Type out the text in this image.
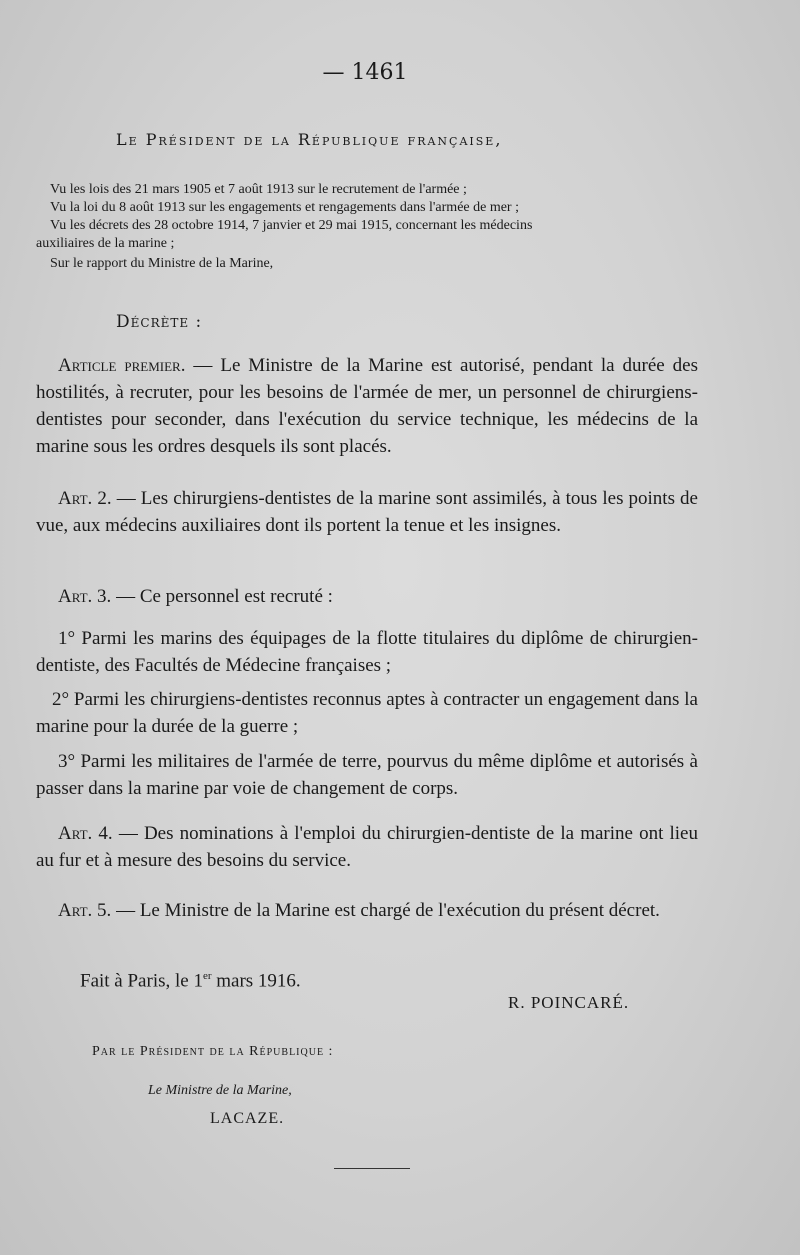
— 1461
Le Président de la République française,
Vu les lois des 21 mars 1905 et 7 août 1913 sur le recrutement de l'armée ;
Vu la loi du 8 août 1913 sur les engagements et rengagements dans l'armée de mer ;
Vu les décrets des 28 octobre 1914, 7 janvier et 29 mai 1915, concernant les médecins
auxiliaires de la marine ;
Sur le rapport du Ministre de la Marine,
Décrète :
Article premier. — Le Ministre de la Marine est autorisé, pendant la durée des hostilités, à recruter, pour les besoins de l'armée de mer, un personnel de chirurgiens-dentistes pour seconder, dans l'exécution du service technique, les médecins de la marine sous les ordres desquels ils sont placés.
Art. 2. — Les chirurgiens-dentistes de la marine sont assimilés, à tous les points de vue, aux médecins auxiliaires dont ils portent la tenue et les insignes.
Art. 3. — Ce personnel est recruté :
1° Parmi les marins des équipages de la flotte titulaires du diplôme de chirurgien-dentiste, des Facultés de Médecine françaises ;
2° Parmi les chirurgiens-dentistes reconnus aptes à contracter un engagement dans la marine pour la durée de la guerre ;
3° Parmi les militaires de l'armée de terre, pourvus du même diplôme et autorisés à passer dans la marine par voie de changement de corps.
Art. 4. — Des nominations à l'emploi du chirurgien-dentiste de la marine ont lieu au fur et à mesure des besoins du service.
Art. 5. — Le Ministre de la Marine est chargé de l'exécution du présent décret.
Fait à Paris, le 1er mars 1916.
R. POINCARÉ.
Par le Président de la République :
Le Ministre de la Marine,
LACAZE.
